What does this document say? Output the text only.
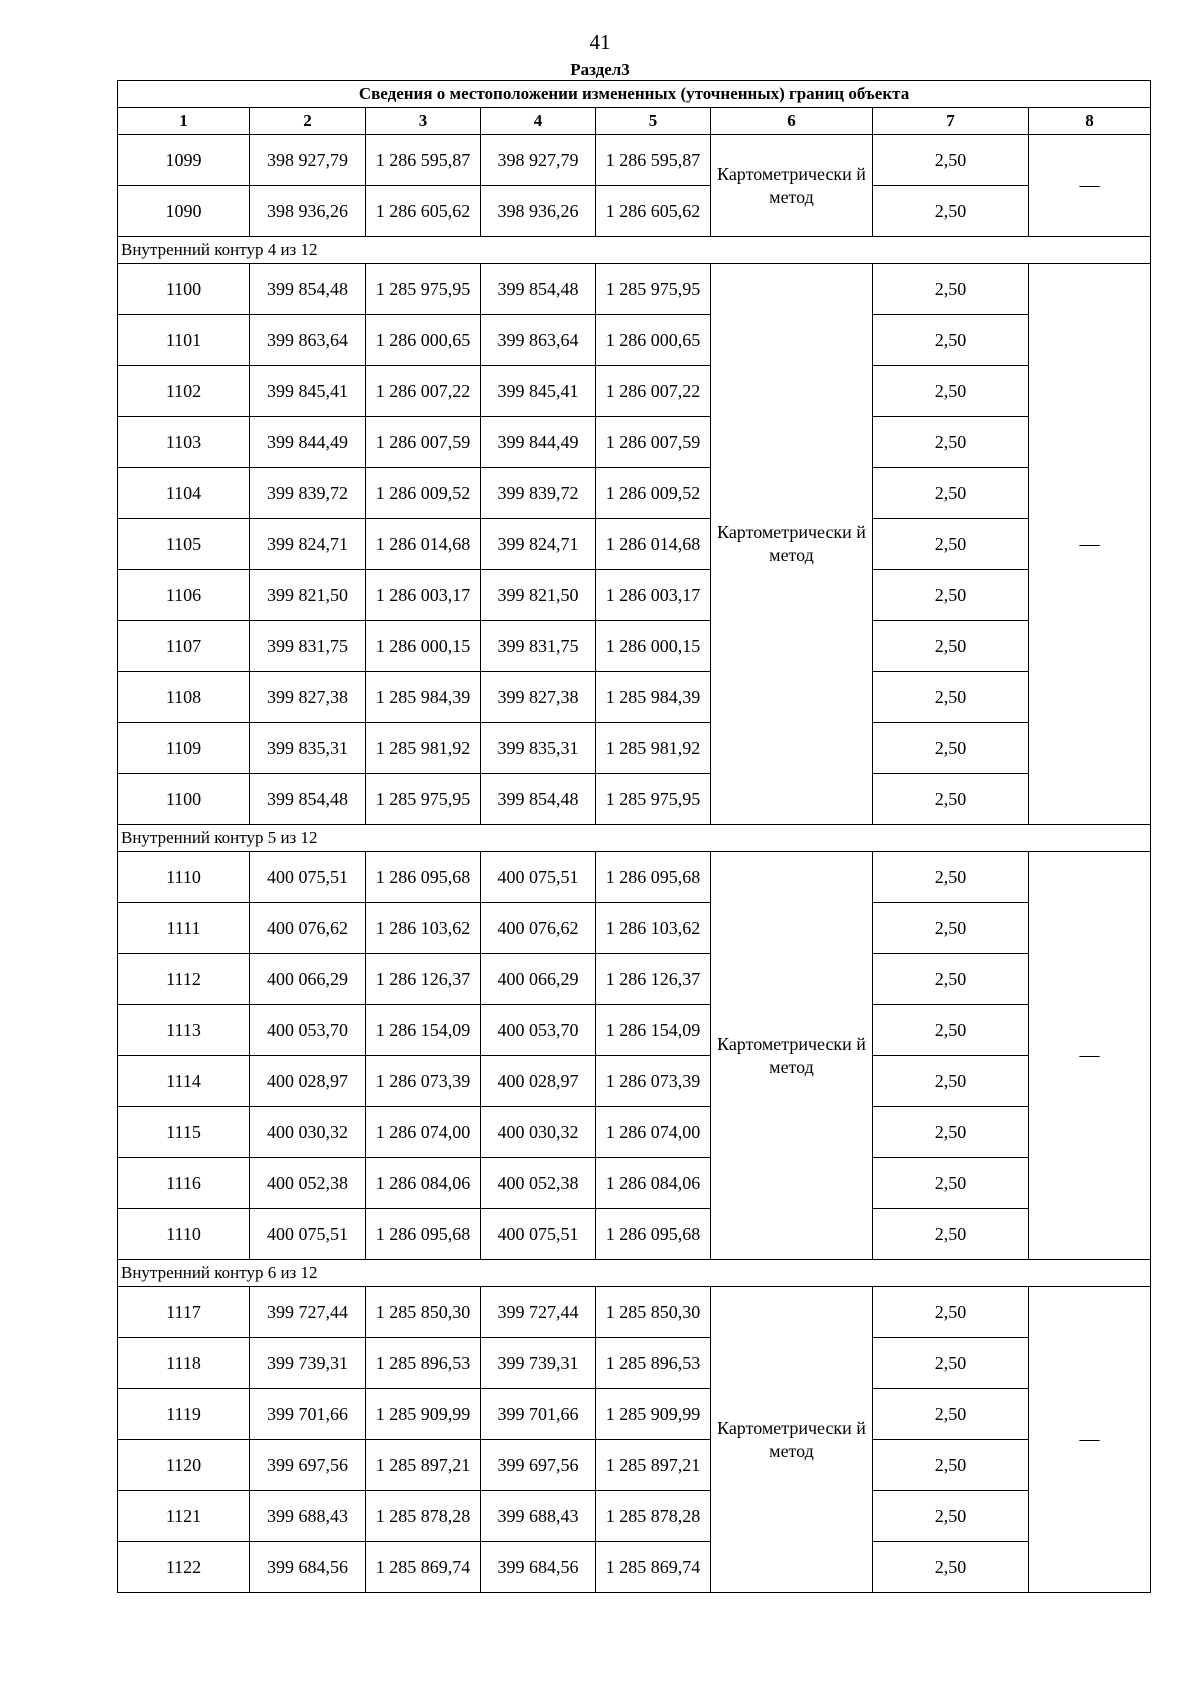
41
Раздел3
Сведения о местоположении измененных (уточненных) границ объекта							
1	2	3	4	5	6	7	8
1099	398 927,79	1 286 595,87	398 927,79	1 286 595,87	Картометрически й метод	2,50	—
1090	398 936,26	1 286 605,62	398 936,26	1 286 605,62		2,50	
Внутренний контур 4 из 12							
1100	399 854,48	1 285 975,95	399 854,48	1 285 975,95	Картометрически й метод	2,50	—
1101	399 863,64	1 286 000,65	399 863,64	1 286 000,65		2,50	
1102	399 845,41	1 286 007,22	399 845,41	1 286 007,22		2,50	
1103	399 844,49	1 286 007,59	399 844,49	1 286 007,59		2,50	
1104	399 839,72	1 286 009,52	399 839,72	1 286 009,52		2,50	
1105	399 824,71	1 286 014,68	399 824,71	1 286 014,68		2,50	
1106	399 821,50	1 286 003,17	399 821,50	1 286 003,17		2,50	
1107	399 831,75	1 286 000,15	399 831,75	1 286 000,15		2,50	
1108	399 827,38	1 285 984,39	399 827,38	1 285 984,39		2,50	
1109	399 835,31	1 285 981,92	399 835,31	1 285 981,92		2,50	
1100	399 854,48	1 285 975,95	399 854,48	1 285 975,95		2,50	
Внутренний контур 5 из 12							
1110	400 075,51	1 286 095,68	400 075,51	1 286 095,68	Картометрически й метод	2,50	—
1111	400 076,62	1 286 103,62	400 076,62	1 286 103,62		2,50	
1112	400 066,29	1 286 126,37	400 066,29	1 286 126,37		2,50	
1113	400 053,70	1 286 154,09	400 053,70	1 286 154,09		2,50	
1114	400 028,97	1 286 073,39	400 028,97	1 286 073,39		2,50	
1115	400 030,32	1 286 074,00	400 030,32	1 286 074,00		2,50	
1116	400 052,38	1 286 084,06	400 052,38	1 286 084,06		2,50	
1110	400 075,51	1 286 095,68	400 075,51	1 286 095,68		2,50	
Внутренний контур 6 из 12							
1117	399 727,44	1 285 850,30	399 727,44	1 285 850,30	Картометрически й метод	2,50	—
1118	399 739,31	1 285 896,53	399 739,31	1 285 896,53		2,50	
1119	399 701,66	1 285 909,99	399 701,66	1 285 909,99		2,50	
1120	399 697,56	1 285 897,21	399 697,56	1 285 897,21		2,50	
1121	399 688,43	1 285 878,28	399 688,43	1 285 878,28		2,50	
1122	399 684,56	1 285 869,74	399 684,56	1 285 869,74		2,50	
